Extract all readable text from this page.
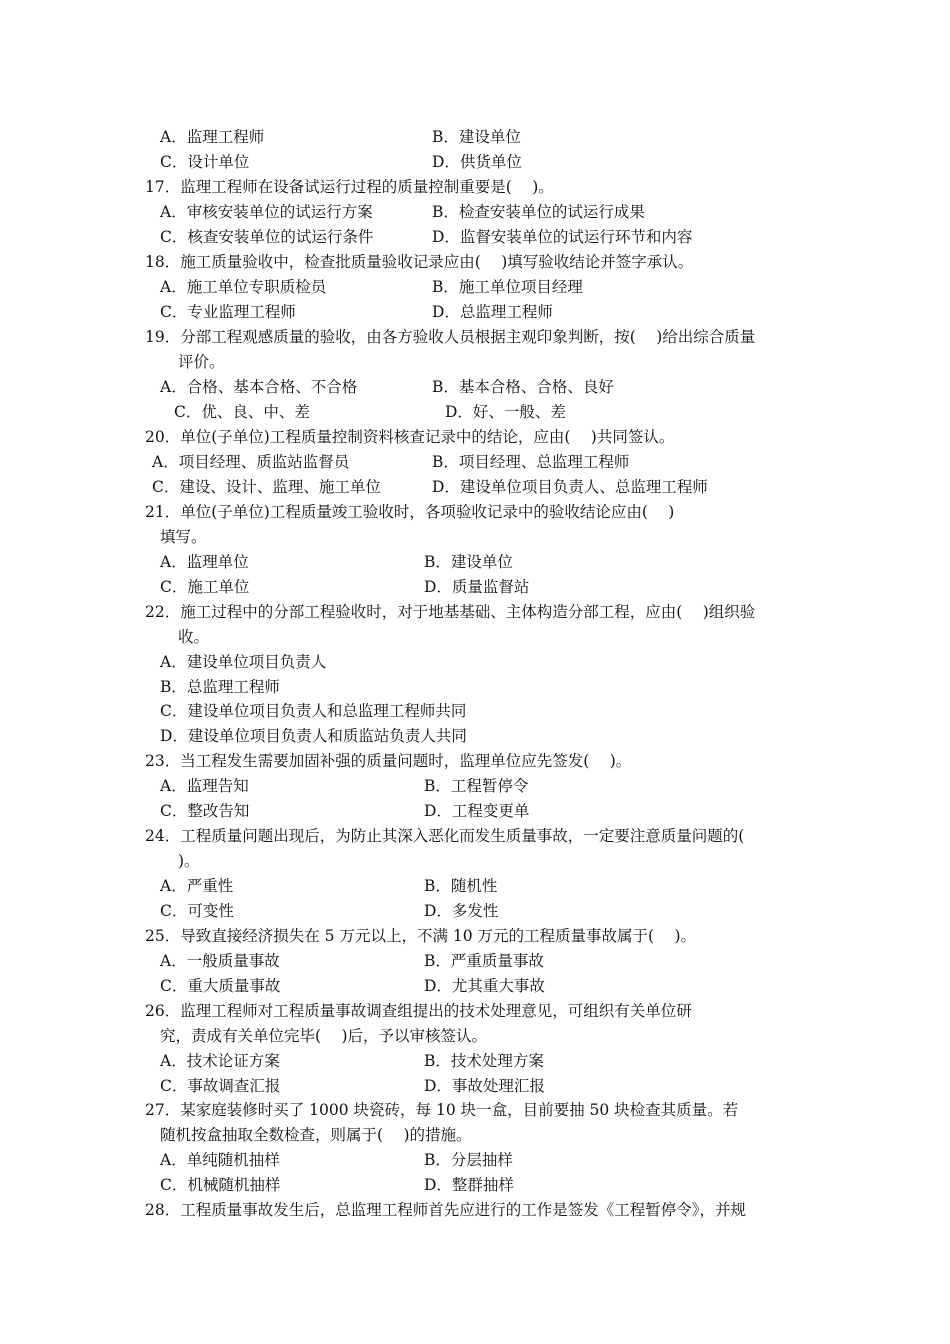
A．监理工程师	B．建设单位
C．设计单位	D．供货单位
17．监理工程师在设备试运行过程的质量控制重要是(　 )。
A．审核安装单位的试运行方案	B．检查安装单位的试运行成果
C．核查安装单位的试运行条件	D．监督安装单位的试运行环节和内容
18．施工质量验收中，检查批质量验收记录应由(　 )填写验收结论并签字承认。
A．施工单位专职质检员	B．施工单位项目经理
C．专业监理工程师	D．总监理工程师
19．分部工程观感质量的验收，由各方验收人员根据主观印象判断，按(　 )给出综合质量
评价。
A．合格、基本合格、不合格	B．基本合格、合格、良好
C．优、良、中、差	D．好、一般、差
20．单位(子单位)工程质量控制资料核查记录中的结论，应由(　 )共同签认。
A．项目经理、质监站监督员	B．项目经理、总监理工程师
C．建设、设计、监理、施工单位	D．建设单位项目负责人、总监理工程师
21．单位(子单位)工程质量竣工验收时，各项验收记录中的验收结论应由(　 )
填写。
A．监理单位	B．建设单位
C．施工单位	D．质量监督站
22．施工过程中的分部工程验收时，对于地基基础、主体构造分部工程，应由(　 )组织验
收。
A．建设单位项目负责人
B．总监理工程师
C．建设单位项目负责人和总监理工程师共同
D．建设单位项目负责人和质监站负责人共同
23．当工程发生需要加固补强的质量问题时，监理单位应先签发(　 )。
A．监理告知	B．工程暂停令
C．整改告知	D．工程变更单
24．工程质量问题出现后，为防止其深入恶化而发生质量事故，一定要注意质量问题的(
)。
A．严重性	B．随机性
C．可变性	D．多发性
25．导致直接经济损失在 5 万元以上，不满 10 万元的工程质量事故属于(　 )。
A．一般质量事故	B．严重质量事故
C．重大质量事故	D．尤其重大事故
26．监理工程师对工程质量事故调查组提出的技术处理意见，可组织有关单位研
究，责成有关单位完毕(　 )后，予以审核签认。
A．技术论证方案	B．技术处理方案
C．事故调查汇报	D．事故处理汇报
27．某家庭装修时买了 1000 块瓷砖，每 10 块一盒，目前要抽 50 块检查其质量。若
随机按盒抽取全数检查，则属于(　 )的措施。
A．单纯随机抽样	B．分层抽样
C．机械随机抽样	D．整群抽样
28．工程质量事故发生后，总监理工程师首先应进行的工作是签发《工程暂停令》，并规
